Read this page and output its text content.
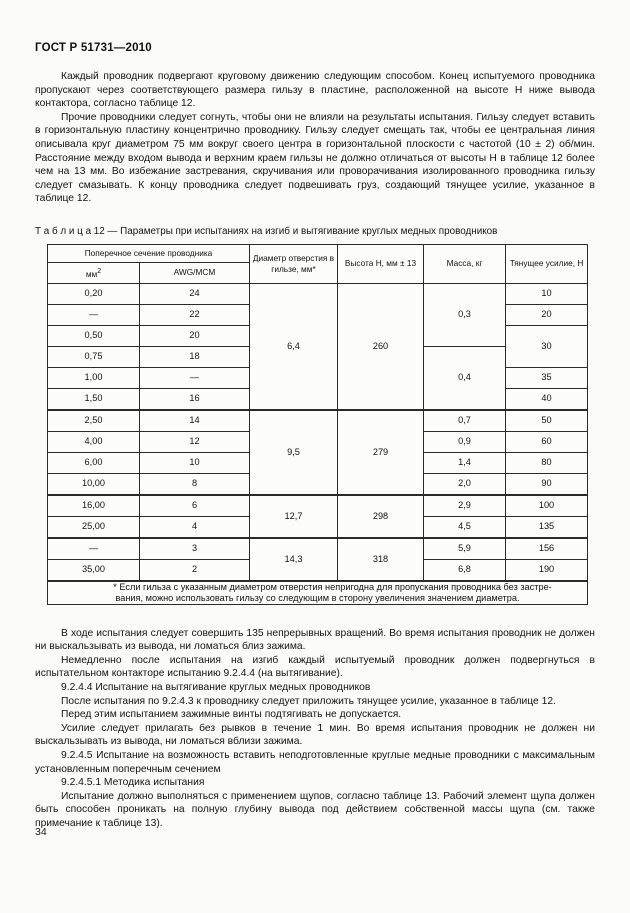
ГОСТ Р 51731—2010

Каждый проводник подвергают круговому движению следующим способом. Конец испытуемого проводника пропускают через соответствующего размера гильзу в пластине, расположенной на высоте H ниже вывода контактора, согласно таблице 12.

Прочие проводники следует согнуть, чтобы они не влияли на результаты испытания. Гильзу следует вставить в горизонтальную пластину концентрично проводнику. Гильзу следует смещать так, чтобы ее центральная линия описывала круг диаметром 75 мм вокруг своего центра в горизонтальной плоскости с частотой (10 ± 2) об/мин. Расстояние между входом вывода и верхним краем гильзы не должно отличаться от высоты H в таблице 12 более чем на 13 мм. Во избежание застревания, скручивания или проворачивания изолированного проводника гильзу следует смазывать. К концу проводника следует подвешивать груз, создающий тянущее усилие, указанное в таблице 12.

Т а б л и ц а 12 — Параметры при испытаниях на изгиб и вытягивание круглых медных проводников
Поперечное сечение проводника		Диаметр отверстия в гильзе, мм*	Высота H, мм ± 13	Масса, кг	Тянущее усилие, Н
$мм^2$	AWG/MCM				
0,20	24	6,4	260	0,3	10
—	22				20
0,50	20				30
0,75	18			0,4	
1,00	—				35
1,50	16				40
2,50	14	9,5	279	0,7	50
4,00	12			0,9	60
6,00	10			1,4	80
10,00	8			2,0	90
16,00	6	12,7	298	2,9	100
25,00	4			4,5	135
—	3	14,3	318	5,9	156
35,00	2			6,8	190

* Если гильза с указанным диаметром отверстия непригодна для пропускания проводника без застре-
вания, можно использовать гильзу со следующим в сторону увеличения значением диаметра.					

В ходе испытания следует совершить 135 непрерывных вращений. Во время испытания проводник не должен ни выскальзывать из вывода, ни ломаться близ зажима.

Немедленно после испытания на изгиб каждый испытуемый проводник должен подвергнуться в испытательном контакторе испытанию 9.2.4.4 (на вытягивание).

9.2.4.4 Испытание на вытягивание круглых медных проводников

После испытания по 9.2.4.3 к проводнику следует приложить тянущее усилие, указанное в таблице 12.

Перед этим испытанием зажимные винты подтягивать не допускается.

Усилие следует прилагать без рывков в течение 1 мин. Во время испытания проводник не должен ни выскальзывать из вывода, ни ломаться вблизи зажима.

9.2.4.5 Испытание на возможность вставить неподготовленные круглые медные проводники с максимальным установленным поперечным сечением

9.2.4.5.1 Методика испытания

Испытание должно выполняться с применением щупов, согласно таблице 13. Рабочий элемент щупа должен быть способен проникать на полную глубину вывода под действием собственной массы щупа (см. также примечание к таблице 13).

34
